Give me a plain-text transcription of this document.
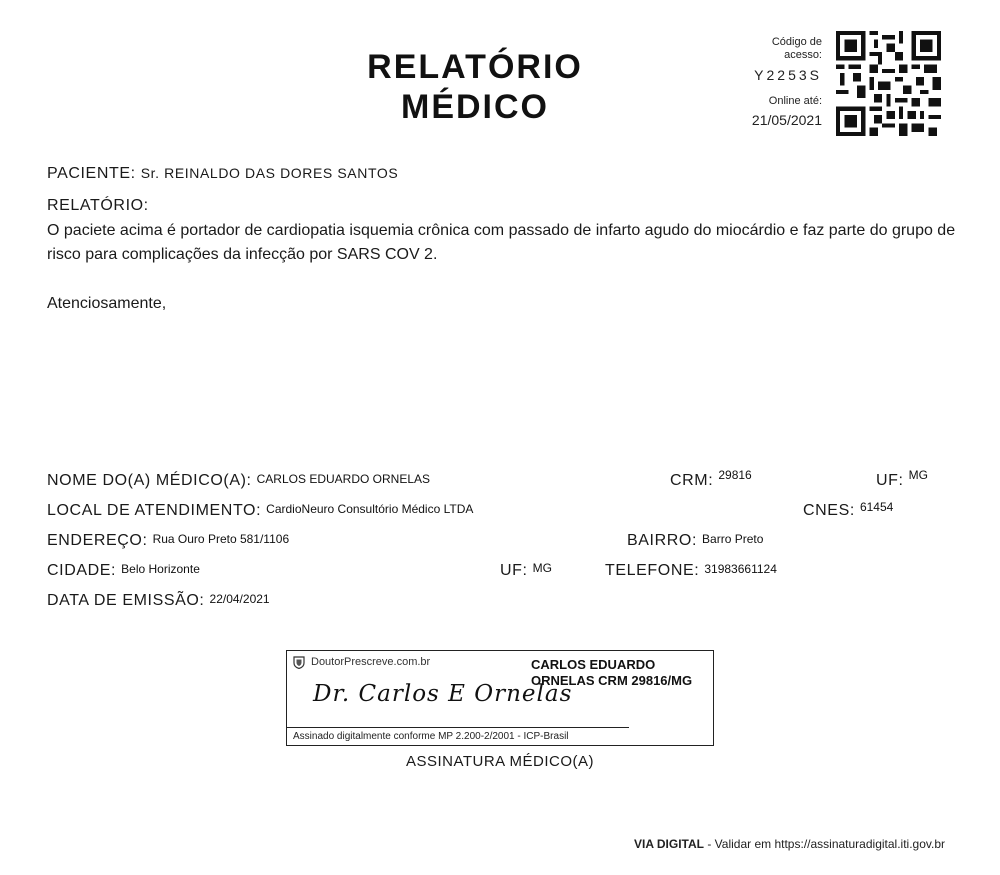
RELATÓRIO
MÉDICO
Código de
acesso:
Y2253S
Online até:
21/05/2021
PACIENTE: Sr. REINALDO DAS DORES SANTOS
RELATÓRIO:
O paciete acima é portador de cardiopatia isquemia crônica com passado de infarto agudo do miocárdio e faz parte do grupo de risco para complicações da infecção por SARS COV 2.
Atenciosamente,
NOME DO(A) MÉDICO(A): CARLOS EDUARDO ORNELAS	CRM: $^{29816}$	UF: $^{MG}$
LOCAL DE ATENDIMENTO: CardioNeuro Consultório Médico LTDA	CNES: $^{61454}$
ENDEREÇO: Rua Ouro Preto 581/1106	BAIRRO: Barro Preto
CIDADE: Belo Horizonte	UF: MG	TELEFONE: 31983661124
DATA DE EMISSÃO: 22/04/2021
DoutorPrescreve.com.br	CARLOS EDUARDO
ORNELAS CRM 29816/MG
Dr. Carlos E Ornelas
Assinado digitalmente conforme MP 2.200-2/2001 - ICP-Brasil
ASSINATURA MÉDICO(A)
VIA DIGITAL - Validar em https://assinaturadigital.iti.gov.br
